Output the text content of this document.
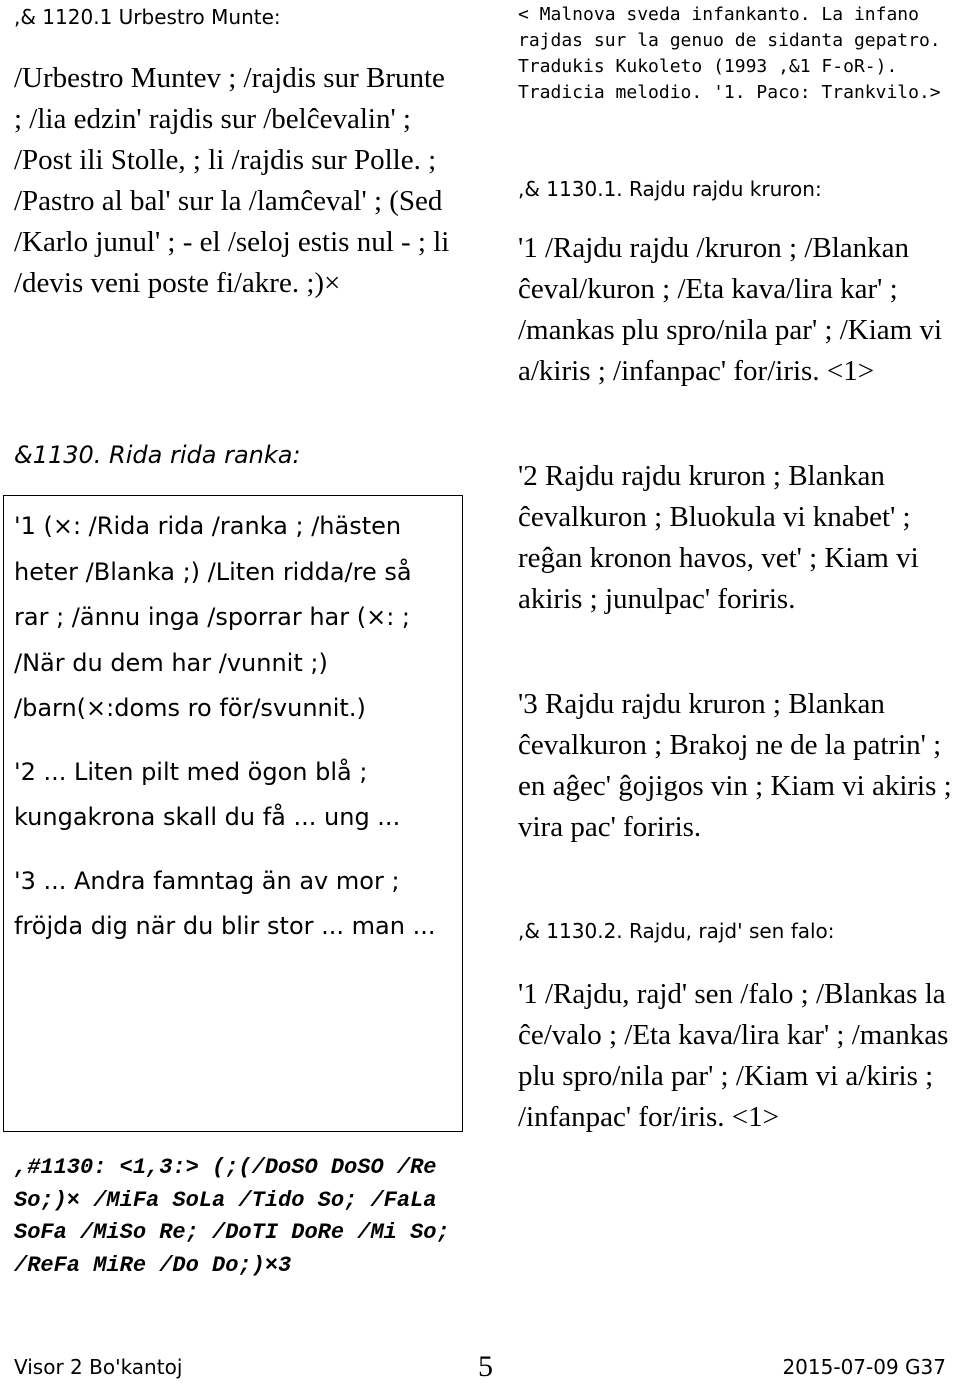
,& 1120.1 Urbestro Munte:

/Urbestro Muntev ; /rajdis sur Brunte ; /lia edzin' rajdis sur /belĉevalin' ; /Post ili Stolle, ; li /rajdis sur Polle. ; /Pastro al bal' sur la /lamĉeval' ; (Sed /Karlo junul' ; - el /seloj estis nul - ; li /devis veni poste fi/akre. ;)×

&1130. Rida rida ranka:

'1 (×: /Rida rida /ranka ; /hästen heter /Blanka ;) /Liten ridda/re så rar ; /ännu inga /sporrar har (×: ; /När du dem har /vunnit ;) /barn(×:doms ro för/svunnit.)

'2 ... Liten pilt med ögon blå ; kungakrona skall du få ... ung ...

'3 ... Andra famntag än av mor ; fröjda dig när du blir stor ... man ...

,#1130: <1,3:> (;(/DoSO DoSO /Re So;)× /MiFa SoLa /Tido So; /FaLa SoFa /MiSo Re; /DoTI DoRe /Mi So; /ReFa MiRe /Do Do;)×3

< Malnova sveda infankanto. La infano rajdas sur la genuo de sidanta gepatro. Tradukis Kukoleto (1993 ,&1 F-oR-). Tradicia melodio. '1. Paco: Trankvilo.>

,& 1130.1. Rajdu rajdu kruron:

'1 /Rajdu rajdu /kruron ; /Blankan ĉeval/kuron ; /Eta kava/lira kar' ; /mankas plu spro/nila par' ; /Kiam vi a/kiris ; /infanpac' for/iris. <1>

'2 Rajdu rajdu kruron ; Blankan ĉevalkuron ; Bluokula vi knabet' ; reĝan kronon havos, vet' ; Kiam vi akiris ; junulpac' foriris.

'3 Rajdu rajdu kruron ; Blankan ĉevalkuron ; Brakoj ne de la patrin' ; en aĝec' ĝojigos vin ; Kiam vi akiris ; vira pac' foriris.

,& 1130.2. Rajdu, rajd' sen falo:

'1 /Rajdu, rajd' sen /falo ; /Blankas la ĉe/valo ; /Eta kava/lira kar' ; /mankas plu spro/nila par' ; /Kiam vi a/kiris ; /infanpac' for/iris. <1>

Visor 2 Bo'kantoj	5	2015-07-09 G37
